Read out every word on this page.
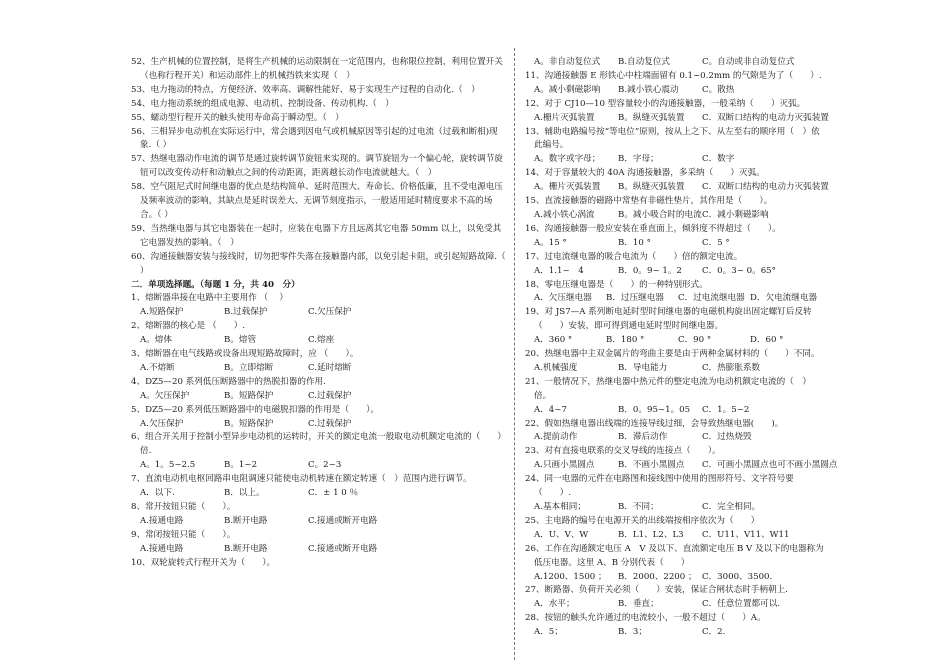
52、生产机械的位置控制，是将生产机械的运动限制在一定范围内，也称限位控制，利用位置开关（也称行程开关）和运动部件上的机械挡铁来实现（　）
53、电力拖动的特点，方便经济、效率高、调解性能好、易于实现生产过程的自动化.（　）
54、电力拖动系统的组成电源、电动机、控制设备、传动机构.（　）
55、蠕动型行程开关的触头使用寿命高于瞬动型。（　）
56、三相异步电动机在实际运行中，常会遇到因电气或机械原因等引起的过电流（过载和断相)现象.（ ）
57、热继电器动作电流的调节是通过旋转调节旋钮来实现的。调节旋钮为一个偏心轮，旋转调节旋钮可以改变传动杆和动触点之间的传动距离，距离越长动作电流就越大。（　）
58、空气阻尼式时间继电器的优点是结构简单、延时范围大、寿命长、价格低廉，且不受电源电压及频率波动的影响，其缺点是延时误差大、无调节刻度指示，一般适用延时精度要求不高的场合。（ ）
59、当热继电器与其它电器装在一起时，应装在电器下方且远离其它电器 50mm 以上，以免受其它电器发热的影响。（　）
60、沟通接触器安装与接线时，切勿把零件失落在接触器内部，以免引起卡阻，或引起短路故障.（ ）
二．单项选择题。（每题 1 分，共 40　分）
1、熔断器串接在电路中主要用作 （　 ）
A.短路保护	B.过载保护	C.欠压保护
2、熔断器的核心是 （　　）.
A。熔体	B。熔管	C.熔座
3、熔断器在电气线路或设备出现短路故障时，应 （　　）。
A.不熔断	B。立即熔断	C.延时熔断
4、DZ5—20 系列低压断路器中的热脱扣器的作用.
A。欠压保护	B。短路保护	C.过载保护
5、DZ5—20 系列低压断路器中的电磁脱扣器的作用是（　　）。
A.欠压保护	B。短路保护	C.过载保护
6、组合开关用于控制小型异步电动机的运转时，开关的额定电流一般取电动机额定电流的（　　）倍.
A。1。5~2.5	B。1~2	C。2~3
7、直流电动机电枢回路串电阻调速只能使电动机转速在额定转速（　）范围内进行调节。
A．以下.	B．以上。	C．± 1 0 ％
8、常开按钮只能（　　）。
A.接通电路	B.断开电路	C.接通或断开电路
9、常闭按钮只能（　　）。
A.接通电路	B.断开电路	C.接通或断开电路
10、双轮旋转式行程开关为（　　）。
A。非自动复位式 B.自动复位式	C。自动或非自动复位式
11、沟通接触器 E 形铁心中柱端面留有 0.1~0.2mm 的气隙是为了（　　）.
A。减小剩磁影响 B.减小铁心震动	C。散热
12、对于 CJ10—10 型容量较小的沟通接触器，一般采纳（　　）灭弧。
A.栅片灭弧装置	B。纵缝灭弧装置 C．双断口结构的电动力灭弧装置
13、辅助电路编号按“等电位”原则，按从上之下、从左至右的顺序用（　）依此编号。
A。数字或字母； B．字母；	C．数字
14、对于容量较大的 40A 沟通接触器，多采纳（　　）灭弧。
A。栅片灭弧装置 B。纵缝灭弧装置 C．双断口结构的电动力灭弧装置
15、直流接触器的磁路中常垫有非磁性垫片，其作用是（　　）。
A.减小铁心涡流	B。减小吸合时的电流C．减小剩磁影响
16、沟通接触器一般应安装在垂直面上，倾斜度不得超过（　　）。
A。15 °	B．10 °	C．5 °
17、过电流继电器的吸合电流为（　　）倍的额定电流。
A．1.1~　4	B．0。9~ 1。2 C．0。3~ 0。65°
18、零电压继电器是（　　）的一种特别形式。
A．欠压继电器 B．过压继电器 C．过电流继电器 D．欠电流继电器
19、对 JS7—A 系列断电延时型时间继电器的电磁机构旋出固定螺钉后反转（　　）安装，即可得到通电延时型时间继电器。
A．360 °	B．180 °	C．90 °	D．60 °
20、热继电器中主双金属片的弯曲主要是由于两种金属材料的（　　）不同。
A.机械强度	B．导电能力	C．热膨胀系数
21、一般情况下，热继电器中热元件的整定电流为电动机额定电流的（　）倍。
A．4~7	B．0。95~1。05 C．1。5~2
22、假如热继电器出线端的连接导线过细，会导致热继电器(　　)。
A.提前动作	B．滞后动作	C．过热烧毁
23、对有直接电联系的交叉导线的连接点（　　）。
A.只画小黑圆点	B．不画小黑圆点 C．可画小黑圆点也可不画小黑圆点
24、同一电器的元件在电路图和接线图中使用的图形符号、文字符号要（　　）.
A.基本相同；	B．不同；	C．完全相同。
25、主电路的编号在电源开关的出线端按相序依次为（　　）
A．U、V、W	B．L1、L2、L3 C．U11、V11、W11
26、工作在沟通额定电压 A　V 及以下、直流额定电压 B V 及以下的电器称为低压电器。这里 A、B 分别代表（　　）
A.1200、1500 ； B．2000、2200 ； C．3000、3500.
27、断路器、负荷开关必须（　　）安装，保证合闸状态时手柄朝上.
A．水平；	B．垂直；	C．任意位置都可以.
28、按钮的触头允许通过的电流较小，一般不超过（　　）A。
A．5；	B．3；	C．2.
